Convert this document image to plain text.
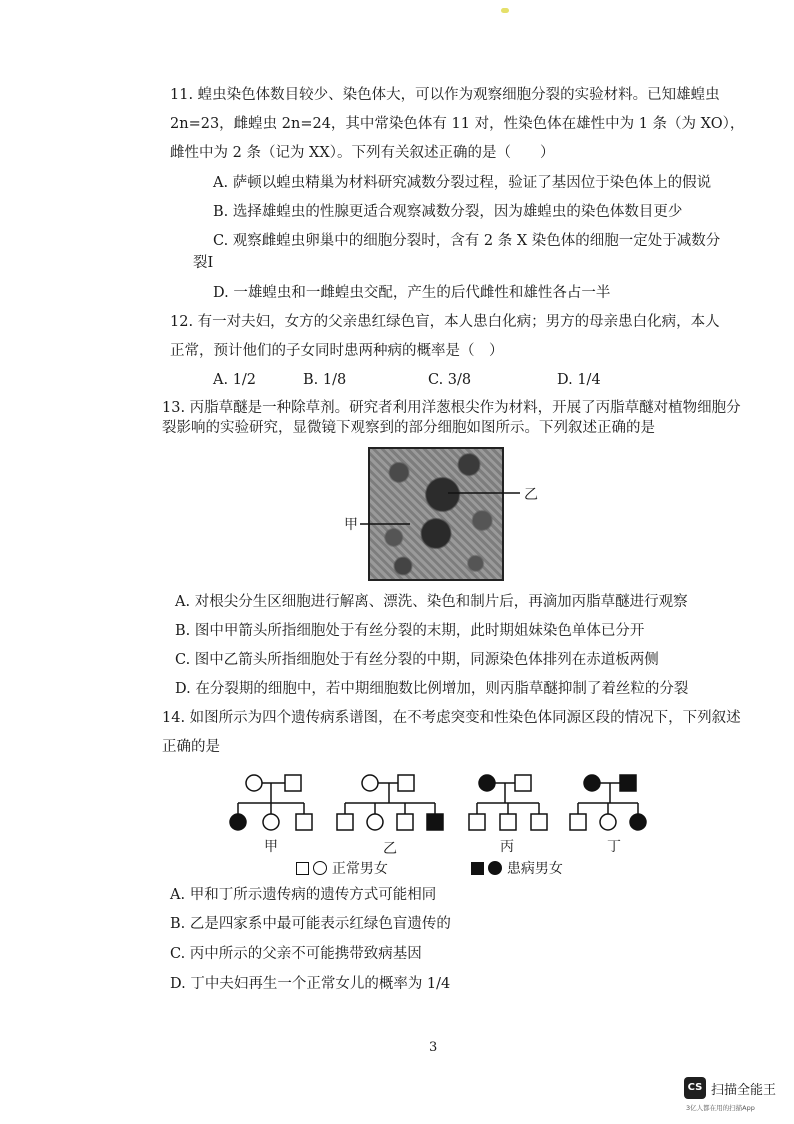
11. 蝗虫染色体数目较少、染色体大，可以作为观察细胞分裂的实验材料。已知雄蝗虫
2n=23，雌蝗虫 2n=24，其中常染色体有 11 对，性染色体在雄性中为 1 条（为 XO），
雌性中为 2 条（记为 XX）。下列有关叙述正确的是（　　）
A. 萨顿以蝗虫精巢为材料研究减数分裂过程，验证了基因位于染色体上的假说
B. 选择雄蝗虫的性腺更适合观察减数分裂，因为雄蝗虫的染色体数目更少
C. 观察雌蝗虫卵巢中的细胞分裂时，含有 2 条 X 染色体的细胞一定处于减数分
裂Ⅰ
D. 一雄蝗虫和一雌蝗虫交配，产生的后代雌性和雄性各占一半
12. 有一对夫妇，女方的父亲患红绿色盲，本人患白化病；男方的母亲患白化病，本人
正常，预计他们的子女同时患两种病的概率是（　）
A. 1/2	B. 1/8	C. 3/8	D. 1/4
13. 丙脂草醚是一种除草剂。研究者利用洋葱根尖作为材料，开展了丙脂草醚对植物细胞分
裂影响的实验研究，显微镜下观察到的部分细胞如图所示。下列叙述正确的是
乙
甲
A. 对根尖分生区细胞进行解离、漂洗、染色和制片后，再滴加丙脂草醚进行观察
B. 图中甲箭头所指细胞处于有丝分裂的末期，此时期姐妹染色单体已分开
C. 图中乙箭头所指细胞处于有丝分裂的中期，同源染色体排列在赤道板两侧
D. 在分裂期的细胞中，若中期细胞数比例增加，则丙脂草醚抑制了着丝粒的分裂
14. 如图所示为四个遗传病系谱图，在不考虑突变和性染色体同源区段的情况下，下列叙述
正确的是
甲	乙	丙	丁
正常男女	患病男女
A. 甲和丁所示遗传病的遗传方式可能相同
B. 乙是四家系中最可能表示红绿色盲遗传的
C. 丙中所示的父亲不可能携带致病基因
D. 丁中夫妇再生一个正常女儿的概率为 1/4
3
CS 扫描全能王
3亿人都在用的扫描App
